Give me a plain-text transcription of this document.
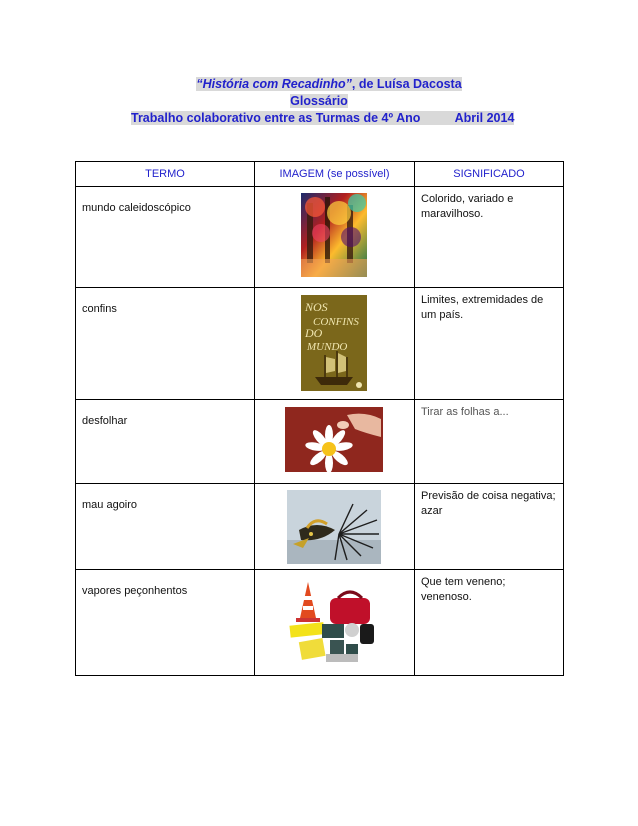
“História com Recadinho”, de Luísa Dacosta
Glossário
Trabalho colaborativo entre as Turmas de 4º Ano	Abril 2014
TERMO	IMAGEM (se possível)	SIGNIFICADO
mundo caleidoscópico		Colorido, variado e maravilhoso.
confins	NOS
CONFINS
DO
MUNDO	Limites, extremidades de um país.
desfolhar		Tirar as folhas a...
mau agoiro		Previsão de coisa negativa; azar
vapores peçonhentos		Que tem veneno; venenoso.
